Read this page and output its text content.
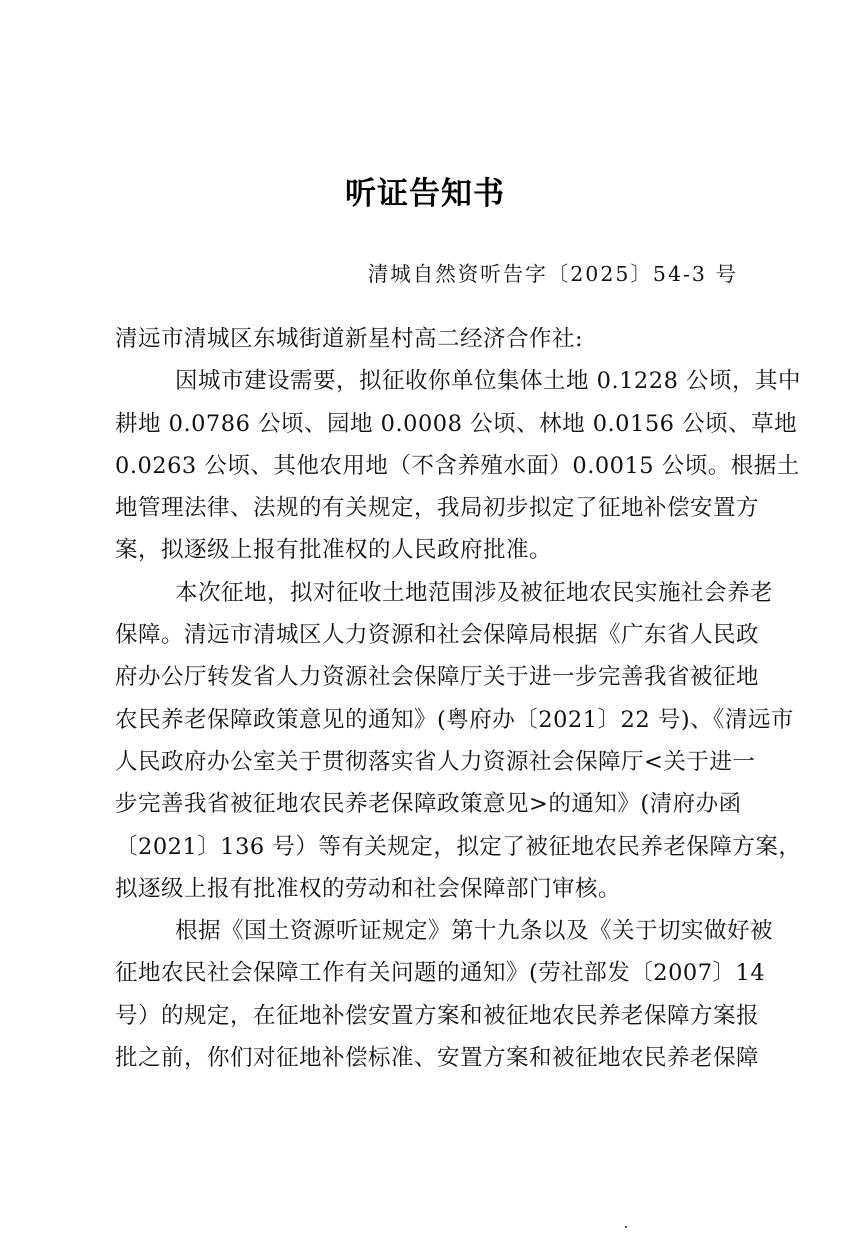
听证告知书
清城自然资听告字〔2025〕54-3 号
清远市清城区东城街道新星村高二经济合作社:
因城市建设需要，拟征收你单位集体土地 0.1228 公顷，其中
耕地 0.0786 公顷、园地 0.0008 公顷、林地 0.0156 公顷、草地
0.0263 公顷、其他农用地（不含养殖水面）0.0015 公顷。根据土
地管理法律、法规的有关规定，我局初步拟定了征地补偿安置方
案，拟逐级上报有批准权的人民政府批准。
本次征地，拟对征收土地范围涉及被征地农民实施社会养老
保障。清远市清城区人力资源和社会保障局根据《广东省人民政
府办公厅转发省人力资源社会保障厅关于进一步完善我省被征地
农民养老保障政策意见的通知》(粤府办〔2021〕22 号)、《清远市
人民政府办公室关于贯彻落实省人力资源社会保障厅<关于进一
步完善我省被征地农民养老保障政策意见>的通知》(清府办函
〔2021〕136 号）等有关规定，拟定了被征地农民养老保障方案，
拟逐级上报有批准权的劳动和社会保障部门审核。
根据《国土资源听证规定》第十九条以及《关于切实做好被
征地农民社会保障工作有关问题的通知》(劳社部发〔2007〕14
号）的规定，在征地补偿安置方案和被征地农民养老保障方案报
批之前，你们对征地补偿标准、安置方案和被征地农民养老保障
